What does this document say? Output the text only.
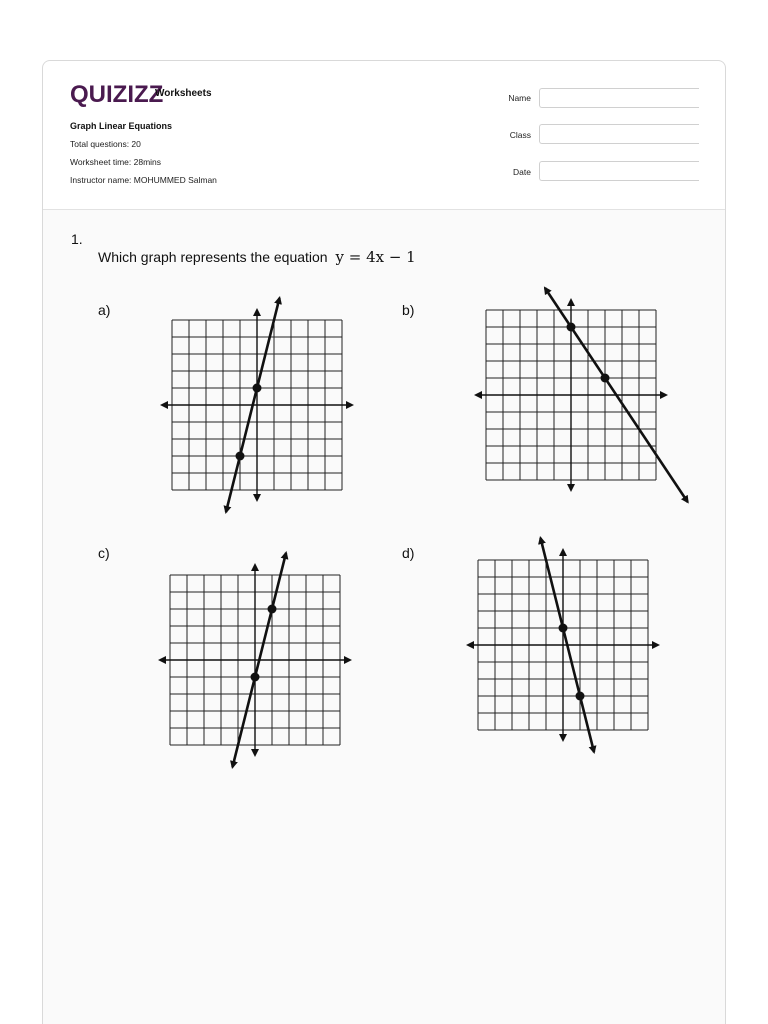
QUIZIZZ
Worksheets
Graph Linear Equations
Total questions: 20
Worksheet time: 28mins
Instructor name: MOHUMMED Salman
Name
Class
Date
1.
Which graph represents the equation y = 4x − 1
a)	b)
c)	d)
